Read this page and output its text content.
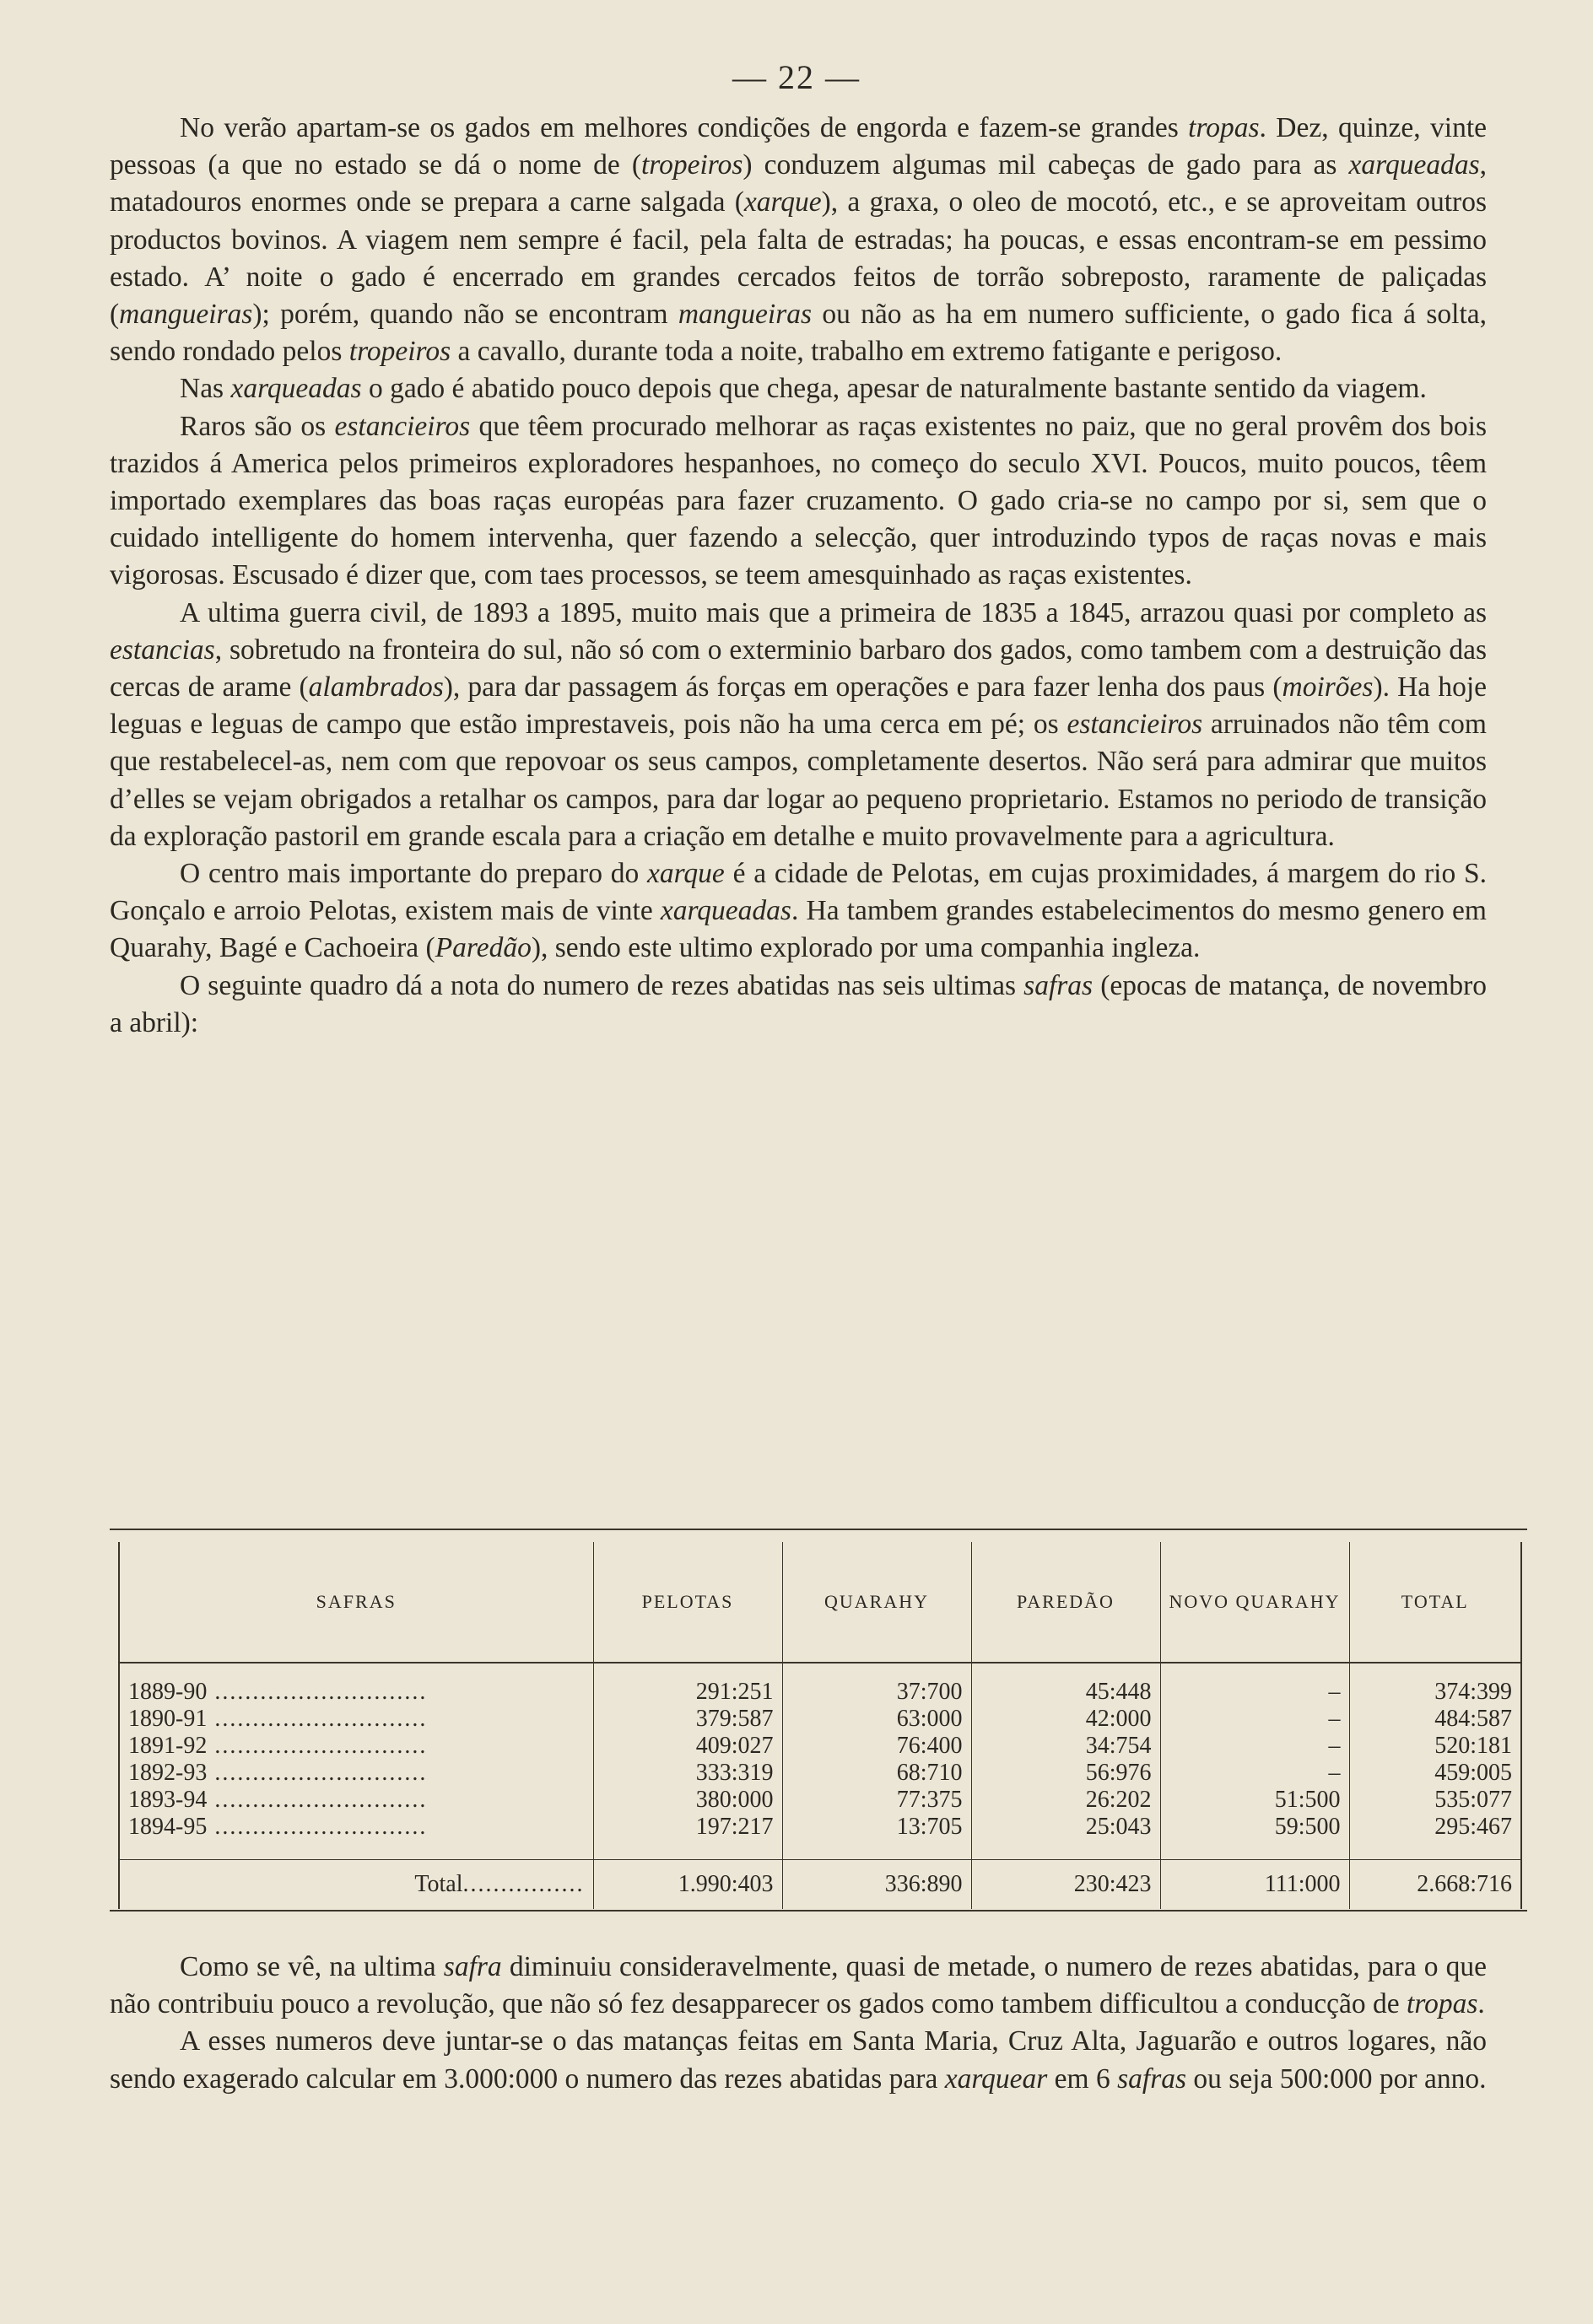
— 22 —

No verão apartam-se os gados em melhores condições de engorda e fazem-se grandes tropas. Dez, quinze, vinte pessoas (a que no estado se dá o nome de (tropeiros) conduzem algumas mil cabeças de gado para as xarqueadas, matadouros enormes onde se prepara a carne salgada (xarque), a graxa, o oleo de mocotó, etc., e se aproveitam outros productos bovinos. A viagem nem sempre é facil, pela falta de estradas; ha poucas, e essas encontram-se em pessimo estado. A’ noite o gado é encerrado em grandes cercados feitos de torrão sobreposto, raramente de paliçadas (mangueiras); porém, quando não se encontram mangueiras ou não as ha em numero sufficiente, o gado fica á solta, sendo rondado pelos tropeiros a cavallo, durante toda a noite, trabalho em extremo fatigante e perigoso.

Nas xarqueadas o gado é abatido pouco depois que chega, apesar de naturalmente bastante sentido da viagem.

Raros são os estancieiros que têem procurado melhorar as raças existentes no paiz, que no geral provêm dos bois trazidos á America pelos primeiros exploradores hespanhoes, no começo do seculo XVI. Poucos, muito poucos, têem importado exemplares das boas raças européas para fazer cruzamento. O gado cria-se no campo por si, sem que o cuidado intelligente do homem intervenha, quer fazendo a selecção, quer introduzindo typos de raças novas e mais vigorosas. Escusado é dizer que, com taes processos, se teem amesquinhado as raças existentes.

A ultima guerra civil, de 1893 a 1895, muito mais que a primeira de 1835 a 1845, arrazou quasi por completo as estancias, sobretudo na fronteira do sul, não só com o exterminio barbaro dos gados, como tambem com a destruição das cercas de arame (alambrados), para dar passagem ás forças em operações e para fazer lenha dos paus (moirões). Ha hoje leguas e leguas de campo que estão imprestaveis, pois não ha uma cerca em pé; os estancieiros arruinados não têm com que restabelecel-as, nem com que repovoar os seus campos, completamente desertos. Não será para admirar que muitos d’elles se vejam obrigados a retalhar os campos, para dar logar ao pequeno proprietario. Estamos no periodo de transição da exploração pastoril em grande escala para a criação em detalhe e muito provavelmente para a agricultura.

O centro mais importante do preparo do xarque é a cidade de Pelotas, em cujas proximidades, á margem do rio S. Gonçalo e arroio Pelotas, existem mais de vinte xarqueadas. Ha tambem grandes estabelecimentos do mesmo genero em Quarahy, Bagé e Cachoeira (Paredão), sendo este ultimo explorado por uma companhia ingleza.

O seguinte quadro dá a nota do numero de rezes abatidas nas seis ultimas safras (epocas de matança, de novembro a abril):

SAFRAS	PELOTAS	QUARAHY	PAREDÃO	NOVO QUARAHY	TOTAL
1889-90 ............................	291:251	37:700	45:448	–	374:399
1890-91 ............................	379:587	63:000	42:000	–	484:587
1891-92 ............................	409:027	76:400	34:754	–	520:181
1892-93 ............................	333:319	68:710	56:976	–	459:005
1893-94 ............................	380:000	77:375	26:202	51:500	535:077
1894-95 ............................	197:217	13:705	25:043	59:500	295:467

Total................	1.990:403	336:890	230:423	111:000	2.668:716

Como se vê, na ultima safra diminuiu consideravelmente, quasi de metade, o numero de rezes abatidas, para o que não contribuiu pouco a revolução, que não só fez desapparecer os gados como tambem difficultou a conducção de tropas.

A esses numeros deve juntar-se o das matanças feitas em Santa Maria, Cruz Alta, Jaguarão e outros logares, não sendo exagerado calcular em 3.000:000 o numero das rezes abatidas para xarquear em 6 safras ou seja 500:000 por anno.
